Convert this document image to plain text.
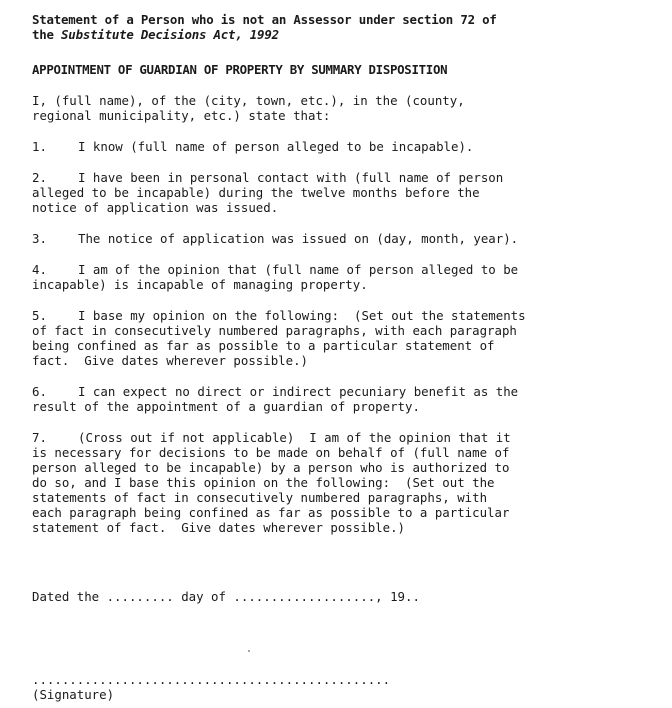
Statement of a Person who is not an Assessor under section 72 of
the Substitute Decisions Act, 1992
APPOINTMENT OF GUARDIAN OF PROPERTY BY SUMMARY DISPOSITION
I, (full name), of the (city, town, etc.), in the (county,
regional municipality, etc.) state that:
1.	I know (full name of person alleged to be incapable).
2.	I have been in personal contact with (full name of person
alleged to be incapable) during the twelve months before the
notice of application was issued.
3.	The notice of application was issued on (day, month, year).
4.	I am of the opinion that (full name of person alleged to be
incapable) is incapable of managing property.
5.	I base my opinion on the following:  (Set out the statements
of fact in consecutively numbered paragraphs, with each paragraph
being confined as far as possible to a particular statement of
fact.  Give dates wherever possible.)
6.	I can expect no direct or indirect pecuniary benefit as the
result of the appointment of a guardian of property.
7.	(Cross out if not applicable)  I am of the opinion that it
is necessary for decisions to be made on behalf of (full name of
person alleged to be incapable) by a person who is authorized to
do so, and I base this opinion on the following:  (Set out the
statements of fact in consecutively numbered paragraphs, with
each paragraph being confined as far as possible to a particular
statement of fact.  Give dates wherever possible.)
Dated the ......... day of ..................., 19..
................................................
(Signature)
